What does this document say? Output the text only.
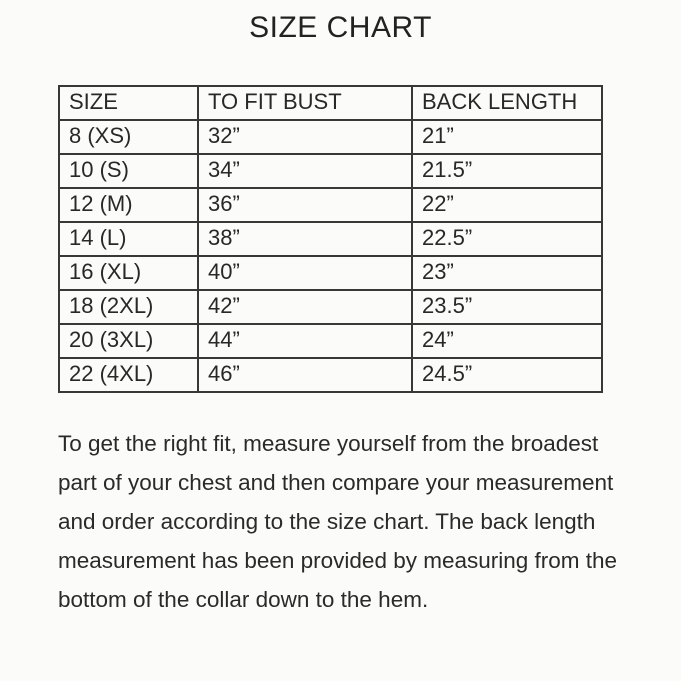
SIZE CHART
SIZE	TO FIT BUST	BACK LENGTH
8 (XS)	32”	21”
10 (S)	34”	21.5”
12 (M)	36”	22”
14 (L)	38”	22.5”
16 (XL)	40”	23”
18 (2XL)	42”	23.5”
20 (3XL)	44”	24”
22 (4XL)	46”	24.5”

To get the right fit, measure yourself from the broadest part of your chest and then compare your measurement and order according to the size chart. The back length measurement has been provided by measuring from the bottom of the collar down to the hem.
